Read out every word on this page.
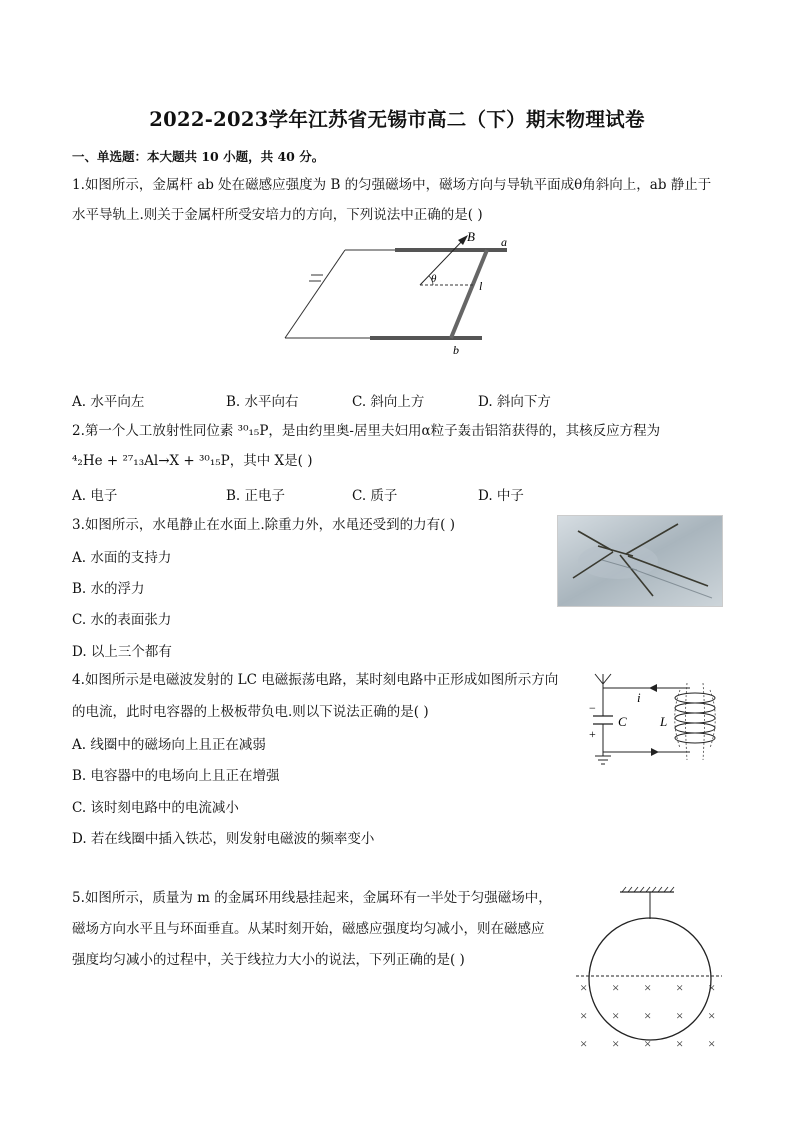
2022-2023学年江苏省无锡市高二（下）期末物理试卷
一、单选题：本大题共 10 小题，共 40 分。
1.如图所示，金属杆 ab 处在磁感应强度为 B 的匀强磁场中，磁场方向与导轨平面成θ角斜向上，ab 静止于
水平导轨上.则关于金属杆所受安培力的方向，下列说法中正确的是( )
B a
b
l
θ
A. 水平向左	B. 水平向右	C. 斜向上方	D. 斜向下方
2.第一个人工放射性同位素 ³⁰₁₅P，是由约里奥-居里夫妇用α粒子轰击铝箔获得的，其核反应方程为
⁴₂He + ²⁷₁₃Al→X + ³⁰₁₅P，其中 X是( )
A. 电子	B. 正电子	C. 质子	D. 中子
3.如图所示，水黾静止在水面上.除重力外，水黾还受到的力有( )
A. 水面的支持力
B. 水的浮力
C. 水的表面张力
D. 以上三个都有
4.如图所示是电磁波发射的 LC 电磁振荡电路，某时刻电路中正形成如图所示方向
的电流，此时电容器的上极板带负电.则以下说法正确的是( )
A. 线圈中的磁场向上且正在减弱
B. 电容器中的电场向上且正在增强
C. 该时刻电路中的电流减小
D. 若在线圈中插入铁芯，则发射电磁波的频率变小
i
C	L
−
+
5.如图所示，质量为 m 的金属环用线悬挂起来，金属环有一半处于匀强磁场中，
磁场方向水平且与环面垂直。从某时刻开始，磁感应强度均匀减小，则在磁感应
强度均匀减小的过程中，关于线拉力大小的说法，下列正确的是( )
× × × × ×
× × × × ×
× × × × ×
